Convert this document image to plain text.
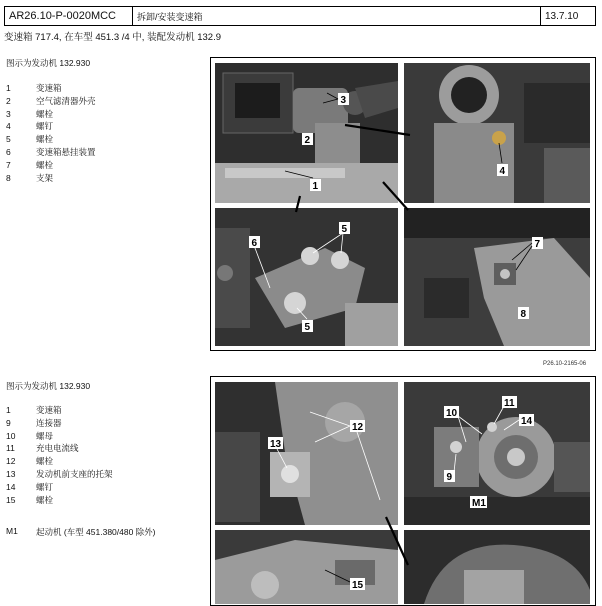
AR26.10-P-0020MCC	拆卸/安装变速箱	13.7.10
变速箱 717.4, 在车型 451.3 /4 中, 装配发动机 132.9
图示为发动机 132.930
1	变速箱
2	空气滤清器外壳
3	螺栓
4	螺钉
5	螺栓
6	变速箱悬挂装置
7	螺栓
8	支架
3
2
1
4
5
6
5
7
8
P26.10-2165-06
图示为发动机 132.930
1	变速箱
9	连接器
10	螺母
11	充电电流线
12	螺栓
13	发动机前支座的托架
14	螺钉
15	螺栓
M1	起动机 (车型 451.380/480 除外)
12
13
11
10
14
9
M1
15
